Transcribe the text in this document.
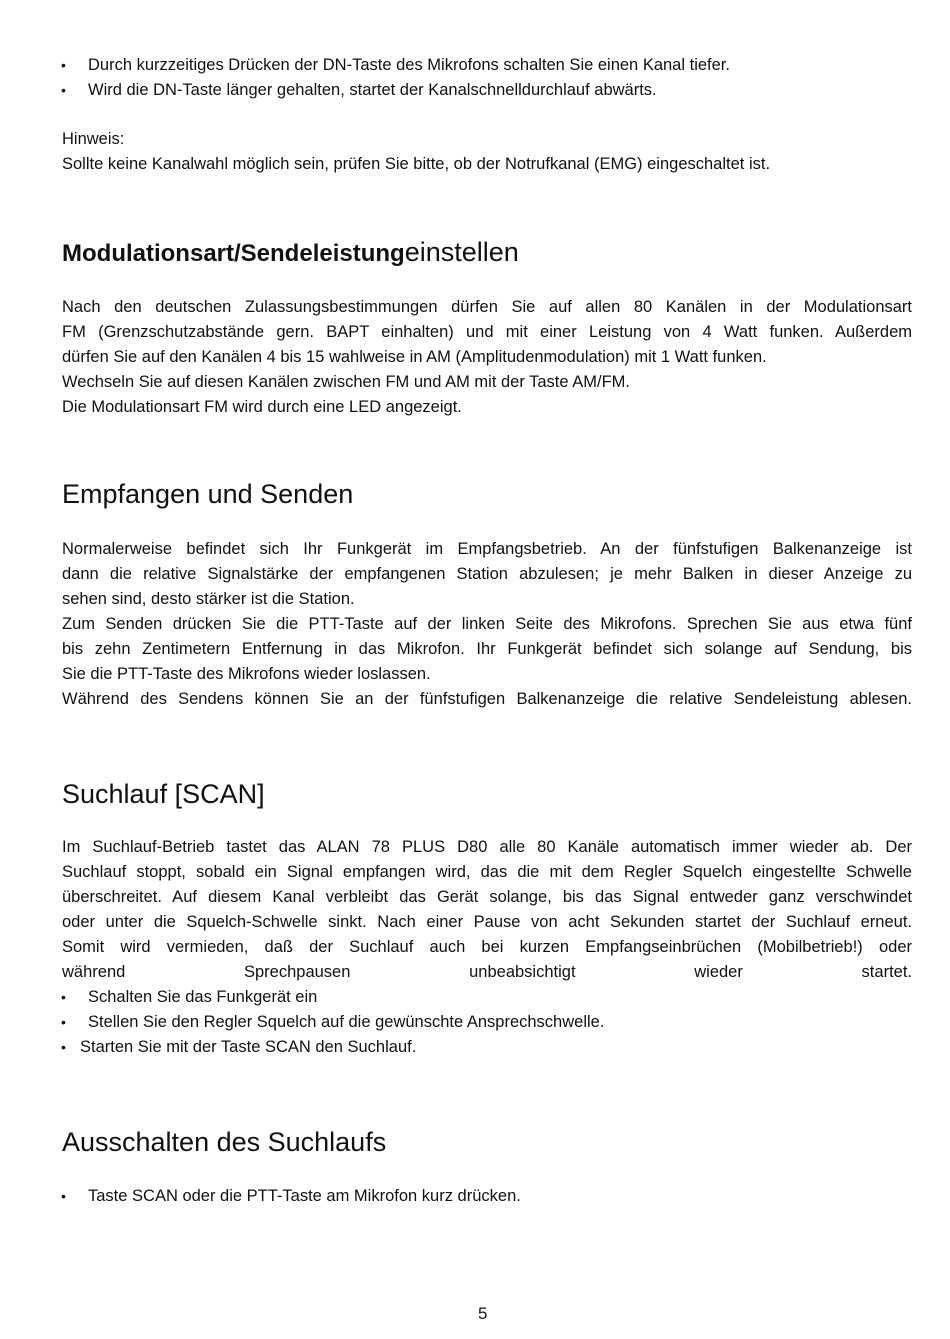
• Durch kurzzeitiges Drücken der DN-Taste des Mikrofons schalten Sie einen Kanal tiefer.
• Wird die DN-Taste länger gehalten, startet der Kanalschnelldurchlauf abwärts.
Hinweis:
Sollte keine Kanalwahl möglich sein, prüfen Sie bitte, ob der Notrufkanal (EMG) eingeschaltet ist.
Modulationsart/Sendeleistungeinstellen
Nach den deutschen Zulassungsbestimmungen dürfen Sie auf allen 80 Kanälen in der Modulationsart
FM (Grenzschutzabstände gern. BAPT einhalten) und mit einer Leistung von 4 Watt funken. Außerdem
dürfen Sie auf den Kanälen 4 bis 15 wahlweise in AM (Amplitudenmodulation) mit 1 Watt funken.
Wechseln Sie auf diesen Kanälen zwischen FM und AM mit der Taste AM/FM.
Die Modulationsart FM wird durch eine LED angezeigt.
Empfangen und Senden
Normalerweise befindet sich Ihr Funkgerät im Empfangsbetrieb. An der fünfstufigen Balkenanzeige ist
dann die relative Signalstärke der empfangenen Station abzulesen; je mehr Balken in dieser Anzeige zu
sehen sind, desto stärker ist die Station.
Zum Senden drücken Sie die PTT-Taste auf der linken Seite des Mikrofons. Sprechen Sie aus etwa fünf
bis zehn Zentimetern Entfernung in das Mikrofon. Ihr Funkgerät befindet sich solange auf Sendung, bis
Sie die PTT-Taste des Mikrofons wieder loslassen.
Während des Sendens können Sie an der fünfstufigen Balkenanzeige die relative Sendeleistung ablesen.
Suchlauf [SCAN]
Im Suchlauf-Betrieb tastet das ALAN 78 PLUS D80 alle 80 Kanäle automatisch immer wieder ab. Der
Suchlauf stoppt, sobald ein Signal empfangen wird, das die mit dem Regler Squelch eingestellte Schwelle
überschreitet. Auf diesem Kanal verbleibt das Gerät solange, bis das Signal entweder ganz verschwindet
oder unter die Squelch-Schwelle sinkt. Nach einer Pause von acht Sekunden startet der Suchlauf erneut.
Somit wird vermieden, daß der Suchlauf auch bei kurzen Empfangseinbrüchen (Mobilbetrieb!) oder
während Sprechpausen unbeabsichtigt wieder startet.
• Schalten Sie das Funkgerät ein
• Stellen Sie den Regler Squelch auf die gewünschte Ansprechschwelle.
• Starten Sie mit der Taste SCAN den Suchlauf.
Ausschalten des Suchlaufs
• Taste SCAN oder die PTT-Taste am Mikrofon kurz drücken.
5
